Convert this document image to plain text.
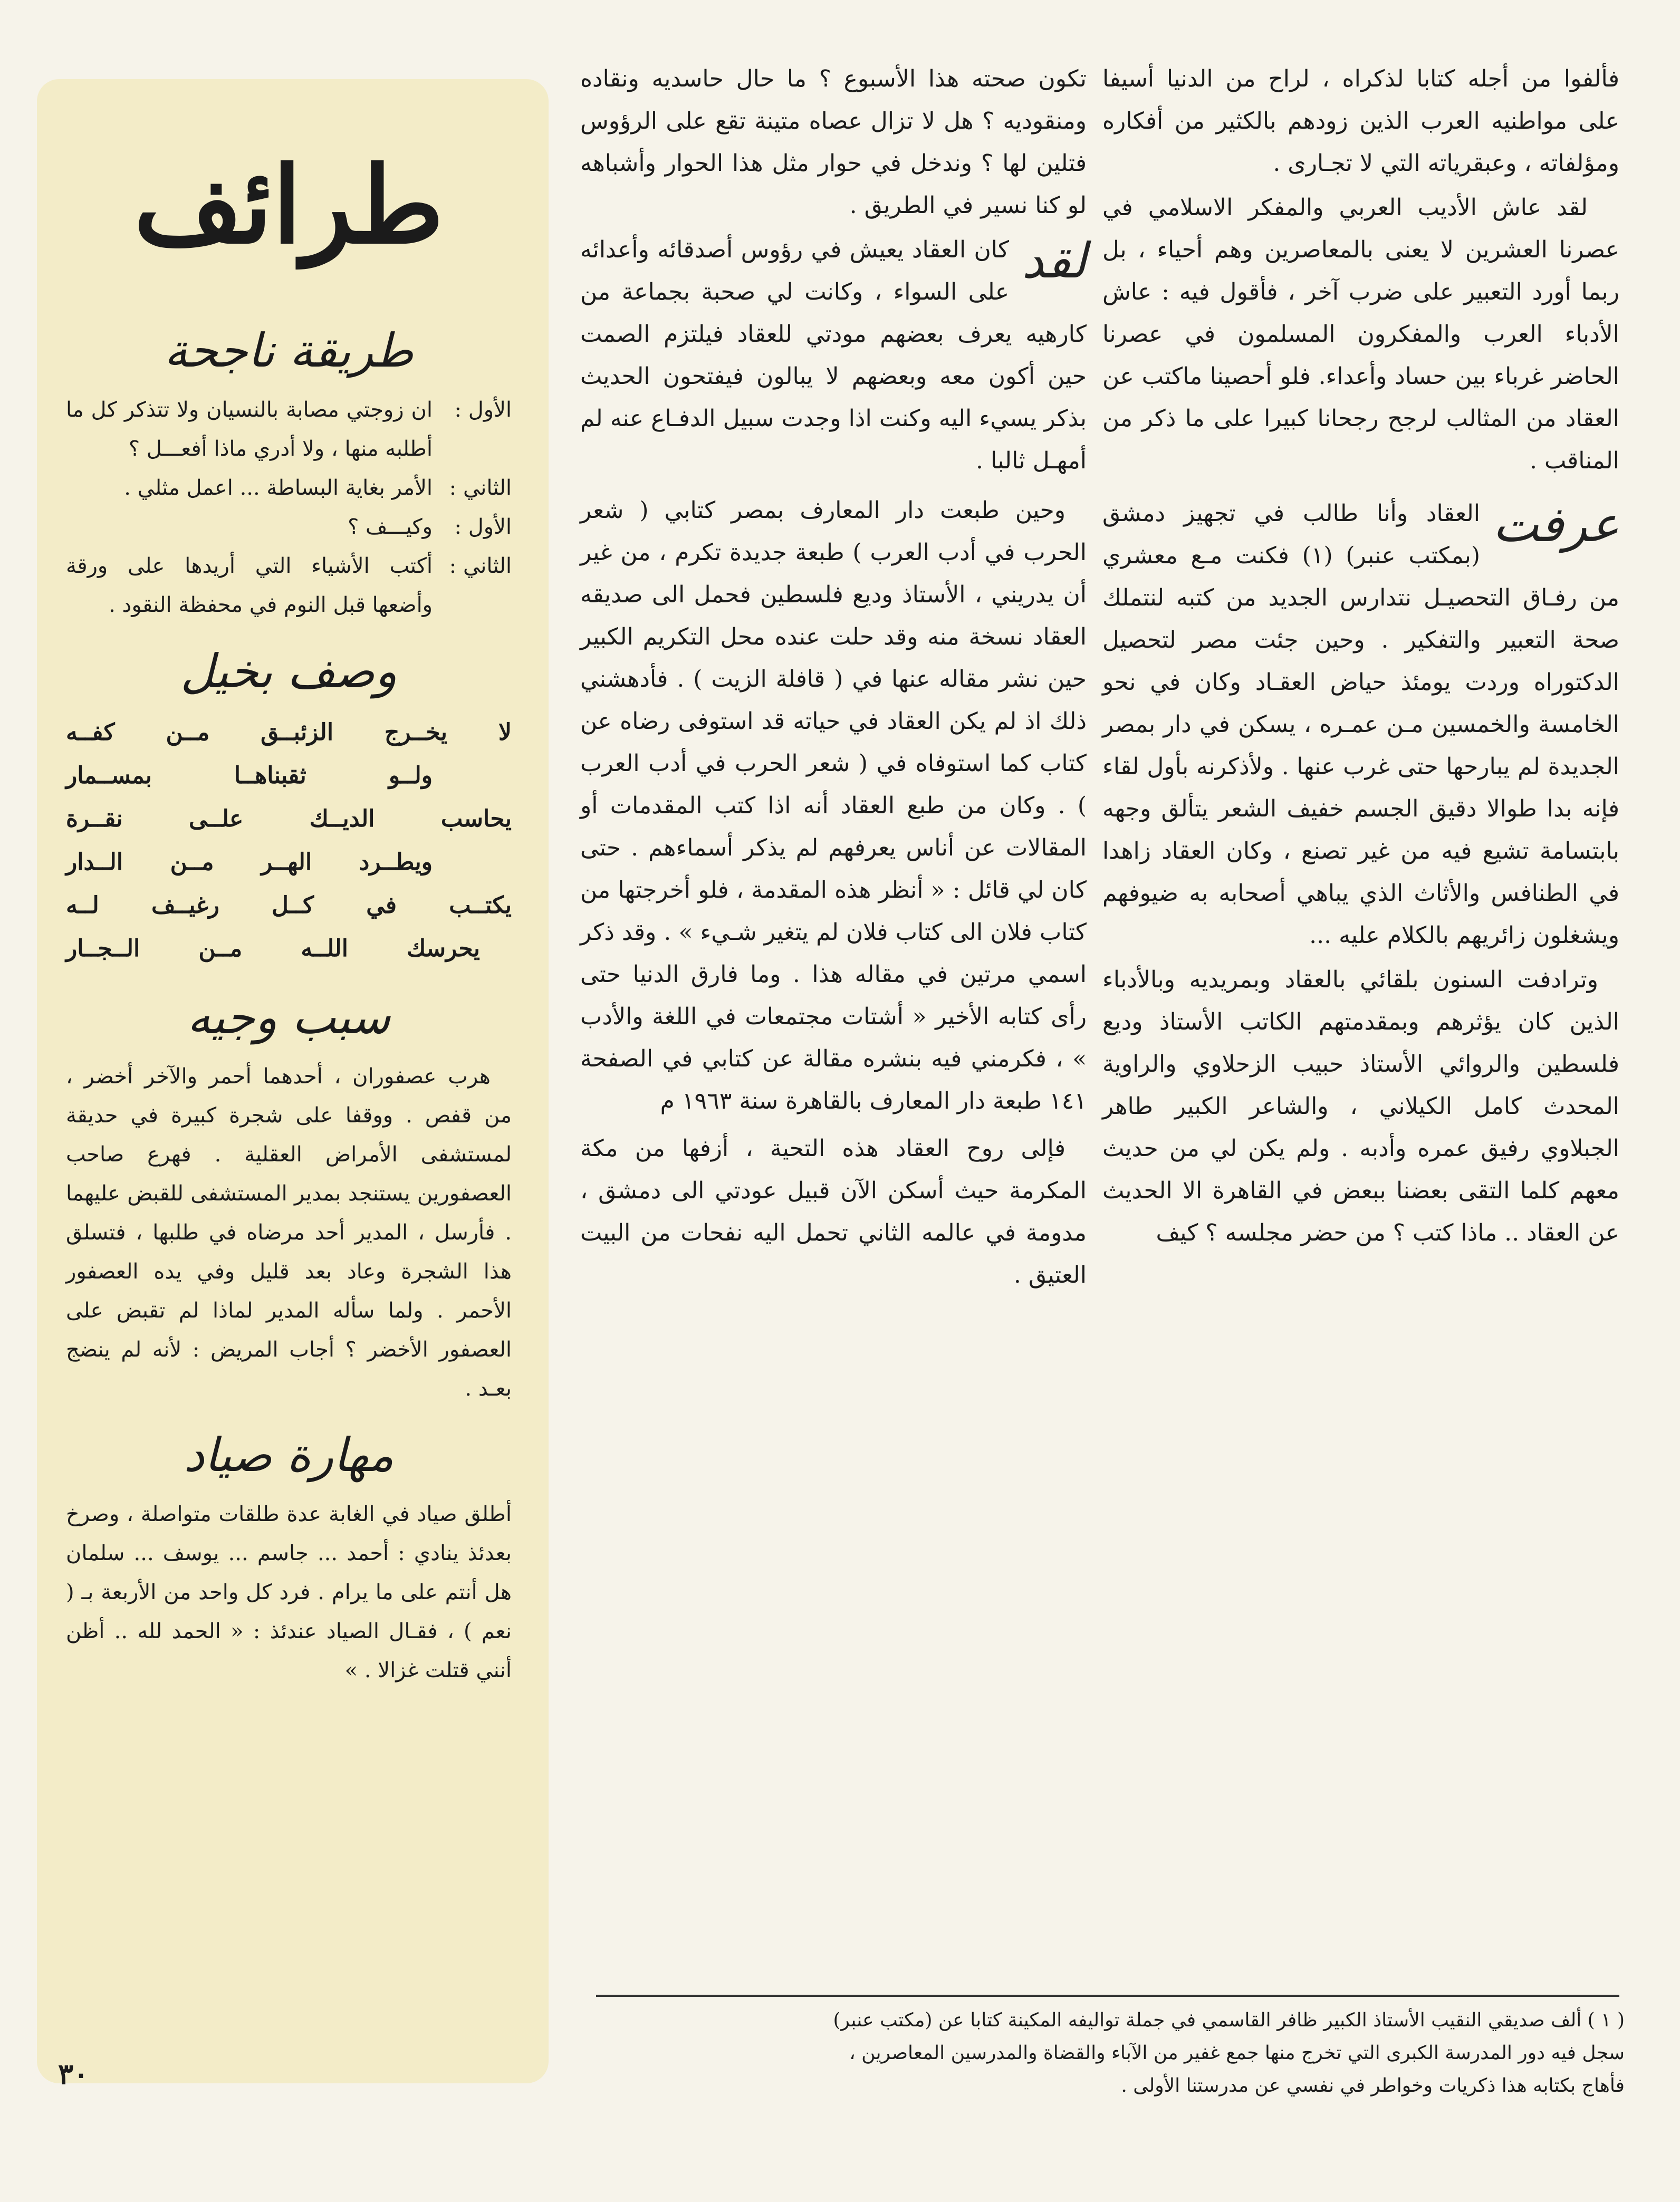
فألفوا من أجله كتابا لذكراه ، لراح من الدنيا أسيفا على مواطنيه العرب الذين زودهم بالكثير من أفكاره ومؤلفاته ، وعبقرياته التي لا تجـارى .

لقد عاش الأديب العربي والمفكر الاسلامي في عصرنا العشرين لا يعنى بالمعاصرين وهم أحياء ، بل ربما أورد التعبير على ضرب آخر ، فأقول فيه : عاش الأدباء العرب والمفكرون المسلمون في عصرنا الحاضر غرباء بين حساد وأعداء. فلو أحصينا ماكتب عن العقاد من المثالب لرجح رجحانا كبيرا على ما ذكر من المناقب .

عرفت
العقاد وأنا طالب في تجهيز دمشق (بمكتب عنبر) (١) فكنت مـع معشري من رفـاق التحصيـل نتدارس الجديد من كتبه لنتملك صحة التعبير والتفكير . وحين جئت مصر لتحصيل الدكتوراه وردت يومئذ حياض العقـاد وكان في نحو الخامسة والخمسين مـن عمـره ، يسكن في دار بمصر الجديدة لم يبارحها حتى غرب عنها . ولأذكرنه بأول لقاء فإنه بدا طوالا دقيق الجسم خفيف الشعر يتألق وجهه بابتسامة تشيع فيه من غير تصنع ، وكان العقاد زاهدا في الطنافس والأثاث الذي يباهي أصحابه به ضيوفهم ويشغلون زائريهم بالكلام عليه ...

وترادفت السنون بلقائي بالعقاد وبمريديه وبالأدباء الذين كان يؤثرهم وبمقدمتهم الكاتب الأستاذ وديع فلسطين والروائي الأستاذ حبيب الزحلاوي والراوية المحدث كامل الكيلاني ، والشاعر الكبير طاهر الجبلاوي رفيق عمره وأدبه . ولم يكن لي من حديث معهم كلما التقى بعضنا ببعض في القاهرة الا الحديث عن العقاد .. ماذا كتب ؟ من حضر مجلسه ؟ كيف

تكون صحته هذا الأسبوع ؟ ما حال حاسديه ونقاده ومنقوديه ؟ هل لا تزال عصاه متينة تقع على الرؤوس فتلين لها ؟ وندخل في حوار مثل هذا الحوار وأشباهه لو كنا نسير في الطريق .

لقد
كان العقاد يعيش في رؤوس أصدقائه وأعدائه على السواء ، وكانت لي صحبة بجماعة من كارهيه يعرف بعضهم مودتي للعقاد فيلتزم الصمت حين أكون معه وبعضهم لا يبالون فيفتحون الحديث بذكر يسيء اليه وكنت اذا وجدت سبيل الدفـاع عنه لم أمهـل ثالبا .

وحين طبعت دار المعارف بمصر كتابي ( شعر الحرب في أدب العرب ) طبعة جديدة تكرم ، من غير أن يدريني ، الأستاذ وديع فلسطين فحمل الى صديقه العقاد نسخة منه وقد حلت عنده محل التكريم الكبير حين نشر مقاله عنها في ( قافلة الزيت ) . فأدهشني ذلك اذ لم يكن العقاد في حياته قد استوفى رضاه عن كتاب كما استوفاه في ( شعر الحرب في أدب العرب ) . وكان من طبع العقاد أنه اذا كتب المقدمات أو المقالات عن أناس يعرفهم لم يذكر أسماءهم . حتى كان لي قائل : « أنظر هذه المقدمة ، فلو أخرجتها من كتاب فلان الى كتاب فلان لم يتغير شـيء » . وقد ذكر اسمي مرتين في مقاله هذا . وما فارق الدنيا حتى رأى كتابه الأخير « أشتات مجتمعات في اللغة والأدب » ، فكرمني فيه بنشره مقالة عن كتابي في الصفحة ١٤١ طبعة دار المعارف بالقاهرة سنة ١٩٦٣ م

فإلى روح العقاد هذه التحية ، أزفها من مكة المكرمة حيث أسكن الآن قبيل عودتي الى دمشق ، مدومة في عالمه الثاني تحمل اليه نفحات من البيت العتيق .

طرائف
طريقة ناجحة
الأول :
ان زوجتي مصابة بالنسيان ولا تتذكر كل ما أطلبه منها ، ولا أدري ماذا أفعـــل ؟
الثاني :
الأمر بغاية البساطة ... اعمل مثلي .
الأول :
وكيـــف ؟
الثاني :
أكتب الأشياء التي أريدها على ورقة وأضعها قبل النوم في محفظة النقود .
وصف بخيل

لا يخــرج الزئبــق مــن كفــه

ولــو ثقبناهــا بمســمار

يحاسب الديــك علــى نقــرة

ويطــرد الهــر مــن الــدار

يكتــب في كــل رغيــف لــه

يحرسك اللــه مــن الــجــار

سبب وجيه

هرب عصفوران ، أحدهما أحمر والآخر أخضر ، من قفص . ووقفا على شجرة كبيرة في حديقة لمستشفى الأمراض العقلية . فهرع صاحب العصفورين يستنجد بمدير المستشفى للقبض عليهما . فأرسل ، المدير أحد مرضاه في طلبها ، فتسلق هذا الشجرة وعاد بعد قليل وفي يده العصفور الأحمر . ولما سأله المدير لماذا لم تقبض على العصفور الأخضر ؟ أجاب المريض : لأنه لم ينضج بعـد .

مهارة صياد

أطلق صياد في الغابة عدة طلقات متواصلة ، وصرخ بعدئذ ينادي : أحمد ... جاسم ... يوسف ... سلمان هل أنتم على ما يرام . فرد كل واحد من الأربعة بـ ( نعم ) ، فقـال الصياد عندئذ : « الحمد لله .. أظن أنني قتلت غزالا . »

( ١ ) ألف صديقي النقيب الأستاذ الكبير ظافر القاسمي في جملة تواليفه المكينة كتابا عن (مكتب عنبر)

سجل فيه دور المدرسة الكبرى التي تخرج منها جمع غفير من الآباء والقضاة والمدرسين المعاصرين ،

فأهاج بكتابه هذا ذكريات وخواطر في نفسي عن مدرستنا الأولى .

٣٠
